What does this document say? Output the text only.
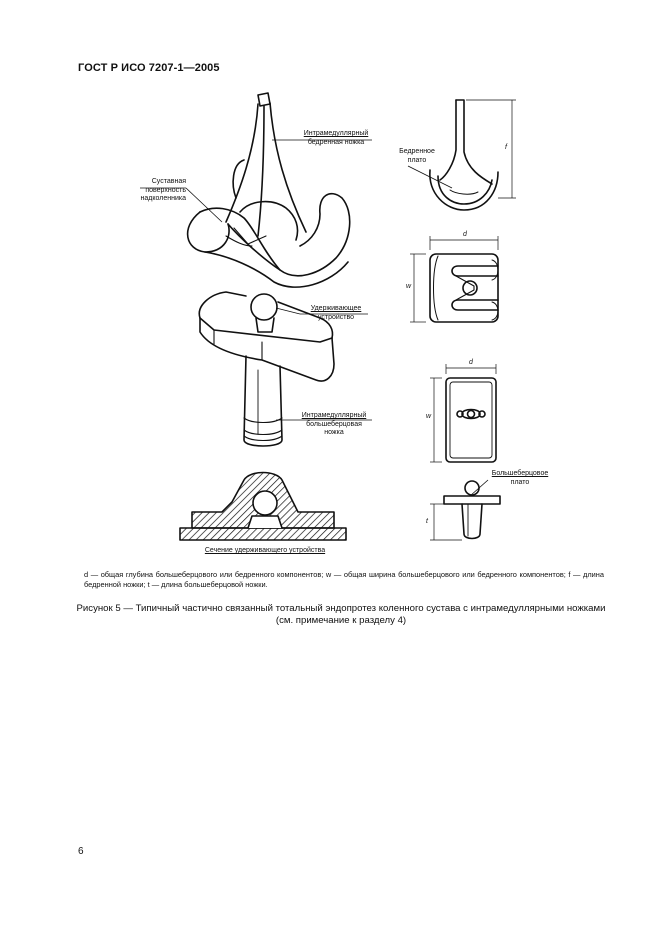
ГОСТ Р ИСО 7207-1—2005
Интрамедуллярный
бедренная ножка
Суставная
поверхность
надколенника
Удерживающее
устройство
Интрамедуллярный
большеберцовая
ножка
Бедренное
плато
Большеберцовое
плато
Сечение удерживающего устройства
f
d
w
d
w
t
d — общая глубина большеберцового или бедренного компонентов; w — общая ширина большеберцового или бедренного компонентов; f — длина бедренной ножки; t — длина большеберцовой ножки.
Рисунок 5 — Типичный частично связанный тотальный эндопротез коленного сустава с интрамедуллярными ножками (см. примечание к разделу 4)
6
